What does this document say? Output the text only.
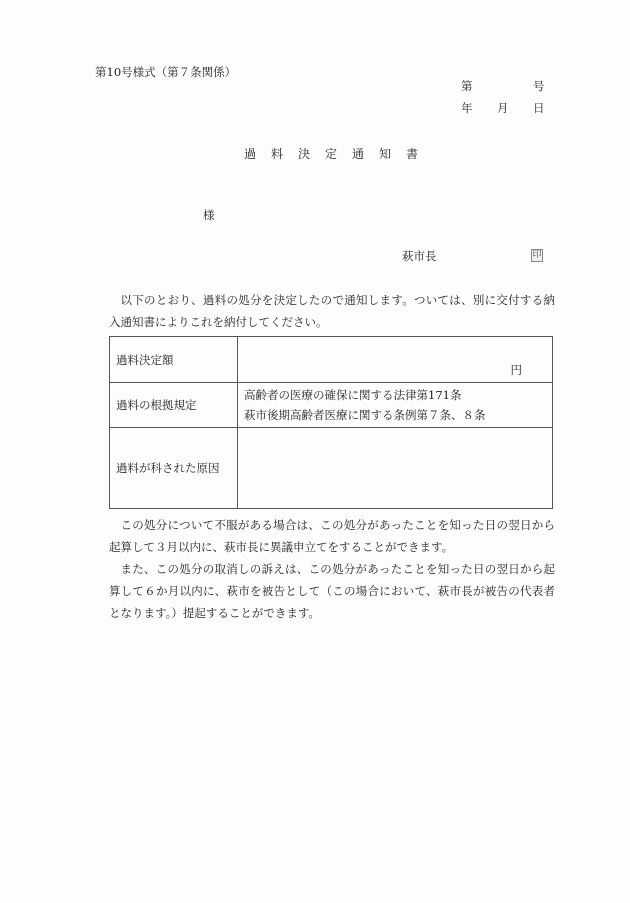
第10号様式（第７条関係）
第	号
年 月 日
過料決定通知書
様
萩市長	印

以下のとおり、過料の処分を決定したので通知します。ついては、別に交付する納入通知書によりこれを納付してください。

過料決定額	円

過料の根拠規定	高齢者の医療の確保に関する法律第171条
萩市後期高齢者医療に関する条例第７条、８条

過料が科された原因	

この処分について不服がある場合は、この処分があったことを知った日の翌日から起算して３月以内に、萩市長に異議申立てをすることができます。

また、この処分の取消しの訴えは、この処分があったことを知った日の翌日から起算して６か月以内に、萩市を被告として（この場合において、萩市長が被告の代表者となります。）提起することができます。
